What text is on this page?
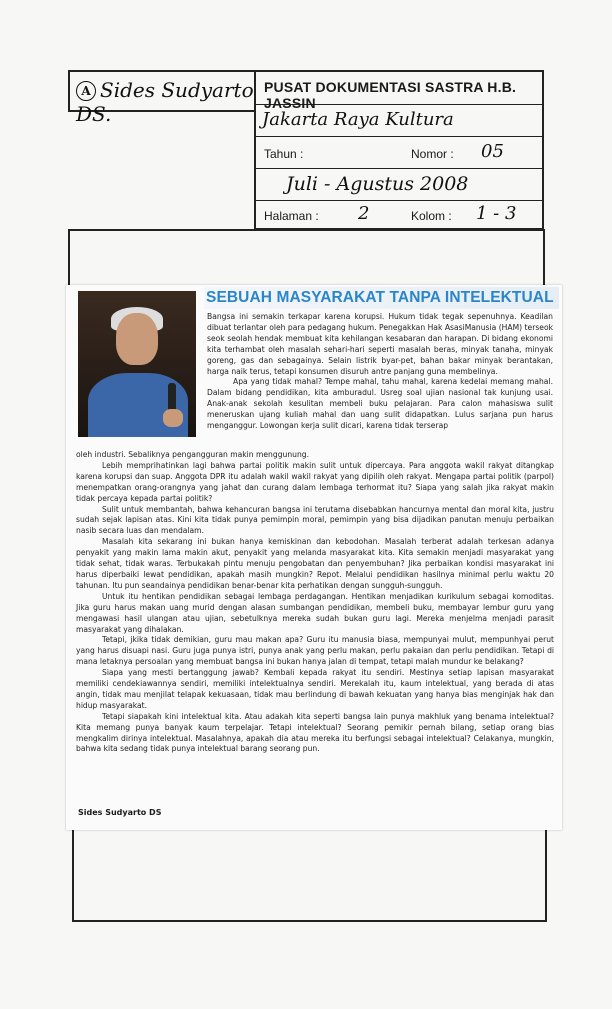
A Sides Sudyarto DS.
PUSAT DOKUMENTASI SASTRA H.B. JASSIN
Jakarta Raya Kultura
Tahun :	Nomor : 05
Juli - Agustus 2008
Halaman : 2	Kolom : 1 - 3
SEBUAH MASYARAKAT TANPA INTELEKTUAL

Bangsa ini semakin terkapar karena korupsi. Hukum tidak tegak sepenuhnya. Keadilan dibuat terlantar oleh para pedagang hukum. Penegakkan Hak AsasiManusia (HAM) terseok seok seolah hendak membuat kita kehilangan kesabaran dan harapan. Di bidang ekonomi kita terhambat oleh masalah sehari-hari seperti masalah beras, minyak tanaha, minyak goreng, gas dan sebagainya. Selain listrik byar-pet, bahan bakar minyak berantakan, harga naik terus, tetapi konsumen disuruh antre panjang guna membelinya.

Apa yang tidak mahal? Tempe mahal, tahu mahal, karena kedelai memang mahal. Dalam bidang pendidikan, kita amburadul. Usreg soal ujian nasional tak kunjung usai. Anak-anak sekolah kesulitan membeli buku pelajaran. Para calon mahasiswa sulit meneruskan ujang kuliah mahal dan uang sulit didapatkan. Lulus sarjana pun harus menganggur. Lowongan kerja sulit dicari, karena tidak terserap

oleh industri. Sebaliknya pengangguran makin menggunung.

Lebih memprihatinkan lagi bahwa partai politik makin sulit untuk dipercaya. Para anggota wakil rakyat ditangkap karena korupsi dan suap. Anggota DPR itu adalah wakil wakil rakyat yang dipilih oleh rakyat. Mengapa partai politik (parpol) menempatkan orang-orangnya yang jahat dan curang dalam lembaga terhormat itu? Siapa yang salah jika rakyat makin tidak percaya kepada partai politik?

Sulit untuk membantah, bahwa kehancuran bangsa ini terutama disebabkan hancurnya mental dan moral kita, justru sudah sejak lapisan atas. Kini kita tidak punya pemimpin moral, pemimpin yang bisa dijadikan panutan menuju perbaikan nasib secara luas dan mendalam.

Masalah kita sekarang ini bukan hanya kemiskinan dan kebodohan. Masalah terberat adalah terkesan adanya penyakit yang makin lama makin akut, penyakit yang melanda masyarakat kita. Kita semakin menjadi masyarakat yang tidak sehat, tidak waras. Terbukakah pintu menuju pengobatan dan penyembuhan? Jika perbaikan kondisi masyarakat ini harus diperbaiki lewat pendidikan, apakah masih mungkin? Repot. Melalui pendidikan hasilnya minimal perlu waktu 20 tahunan. Itu pun seandainya pendidikan benar-benar kita perhatikan dengan sungguh-sungguh.

Untuk itu hentikan pendidikan sebagai lembaga perdagangan. Hentikan menjadikan kurikulum sebagai komoditas. Jika guru harus makan uang murid dengan alasan sumbangan pendidikan, membeli buku, membayar lembur guru yang mengawasi hasil ulangan atau ujian, sebetulknya mereka sudah bukan guru lagi. Mereka menjelma menjadi parasit masyarakat yang dihalakan.

Tetapi, jkika tidak demikian, guru mau makan apa? Guru itu manusia biasa, mempunyai mulut, mempunhyai perut yang harus disuapi nasi. Guru juga punya istri, punya anak yang perlu makan, perlu pakaian dan perlu pendidikan. Tetapi di mana letaknya persoalan yang membuat bangsa ini bukan hanya jalan di tempat, tetapi malah mundur ke belakang?

Siapa yang mesti bertanggung jawab? Kembali kepada rakyat itu sendiri. Mestinya setiap lapisan masyarakat memiliki cendekiawannya sendiri, memiliki intelektualnya sendiri. Merekalah itu, kaum intelektual, yang berada di atas angin, tidak mau menjilat telapak kekuasaan, tidak mau berlindung di bawah kekuatan yang hanya bias menginjak hak dan hidup masyarakat.

Tetapi siapakah kini intelektual kita. Atau adakah kita seperti bangsa lain punya makhluk yang benama intelektual? Kita memang punya banyak kaum terpelajar. Tetapi intelektual? Seorang pemikir pernah bilang, setiap orang bias mengkalim dirinya intelektual. Masalahnya, apakah dia atau mereka itu berfungsi sebagai intelektual? Celakanya, mungkin, bahwa kita sedang tidak punya intelektual barang seorang pun.

Sides Sudyarto DS
